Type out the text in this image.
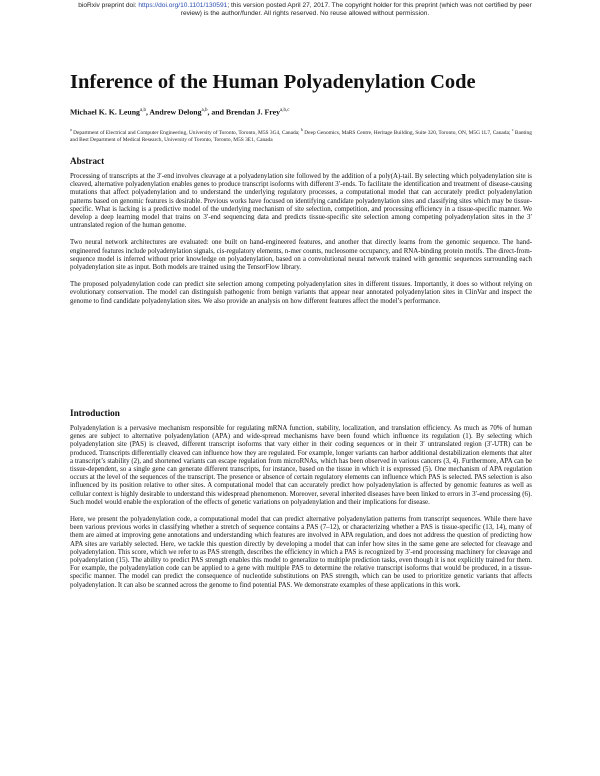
bioRxiv preprint doi: https://doi.org/10.1101/130591; this version posted April 27, 2017. The copyright holder for this preprint (which was not certified by peer review) is the author/funder. All rights reserved. No reuse allowed without permission.
Inference of the Human Polyadenylation Code
Michael K. K. Leung$^{a,b}$, Andrew Delong$^{a,b}$, and Brendan J. Frey$^{a,b,c}$
$^a$ Department of Electrical and Computer Engineering, University of Toronto, Toronto, M5S 3G4, Canada; $^b$ Deep Genomics, MaRS Centre, Heritage Building, Suite 320, Toronto, ON, M5G 1L7, Canada; $^c$ Banting and Best Department of Medical Research, University of Toronto, Toronto, M5S 3E1, Canada
Abstract

Processing of transcripts at the 3′-end involves cleavage at a polyadenylation site followed by the addition of a poly(A)-tail. By selecting which polyadenylation site is cleaved, alternative polyadenylation enables genes to produce transcript isoforms with different 3′-ends. To facilitate the identification and treatment of disease-causing mutations that affect polyadenylation and to understand the underlying regulatory processes, a computational model that can accurately predict polyadenylation patterns based on genomic features is desirable. Previous works have focused on identifying candidate polyadenylation sites and classifying sites which may be tissue-specific. What is lacking is a predictive model of the underlying mechanism of site selection, competition, and processing efficiency in a tissue-specific manner. We develop a deep learning model that trains on 3′-end sequencing data and predicts tissue-specific site selection among competing polyadenylation sites in the 3′ untranslated region of the human genome.

Two neural network architectures are evaluated: one built on hand-engineered features, and another that directly learns from the genomic sequence. The hand-engineered features include polyadenylation signals, cis-regulatory elements, n-mer counts, nucleosome occupancy, and RNA-binding protein motifs. The direct-from-sequence model is inferred without prior knowledge on polyadenylation, based on a convolutional neural network trained with genomic sequences surrounding each polyadenylation site as input. Both models are trained using the TensorFlow library.

The proposed polyadenylation code can predict site selection among competing polyadenylation sites in different tissues. Importantly, it does so without relying on evolutionary conservation. The model can distinguish pathogenic from benign variants that appear near annotated polyadenylation sites in ClinVar and inspect the genome to find candidate polyadenylation sites. We also provide an analysis on how different features affect the model’s performance.

Introduction

Polyadenylation is a pervasive mechanism responsible for regulating mRNA function, stability, localization, and translation efficiency. As much as 70% of human genes are subject to alternative polyadenylation (APA) and wide-spread mechanisms have been found which influence its regulation (1). By selecting which polyadenylation site (PAS) is cleaved, different transcript isoforms that vary either in their coding sequences or in their 3′ untranslated region (3′-UTR) can be produced. Transcripts differentially cleaved can influence how they are regulated. For example, longer variants can harbor additional destabilization elements that alter a transcript’s stability (2), and shortened variants can escape regulation from microRNAs, which has been observed in various cancers (3, 4). Furthermore, APA can be tissue-dependent, so a single gene can generate different transcripts, for instance, based on the tissue in which it is expressed (5). One mechanism of APA regulation occurs at the level of the sequences of the transcript. The presence or absence of certain regulatory elements can influence which PAS is selected. PAS selection is also influenced by its position relative to other sites. A computational model that can accurately predict how polyadenylation is affected by genomic features as well as cellular context is highly desirable to understand this widespread phenomenon. Moreover, several inherited diseases have been linked to errors in 3′-end processing (6). Such model would enable the exploration of the effects of genetic variations on polyadenylation and their implications for disease.

Here, we present the polyadenylation code, a computational model that can predict alternative polyadenylation patterns from transcript sequences. While there have been various previous works in classifying whether a stretch of sequence contains a PAS (7–12), or characterizing whether a PAS is tissue-specific (13, 14), many of them are aimed at improving gene annotations and understanding which features are involved in APA regulation, and does not address the question of predicting how APA sites are variably selected. Here, we tackle this question directly by developing a model that can infer how sites in the same gene are selected for cleavage and polyadenylation. This score, which we refer to as PAS strength, describes the efficiency in which a PAS is recognized by 3′-end processing machinery for cleavage and polyadenylation (15). The ability to predict PAS strength enables this model to generalize to multiple prediction tasks, even though it is not explicitly trained for them. For example, the polyadenylation code can be applied to a gene with multiple PAS to determine the relative transcript isoforms that would be produced, in a tissue-specific manner. The model can predict the consequence of nucleotide substitutions on PAS strength, which can be used to prioritize genetic variants that affects polyadenylation. It can also be scanned across the genome to find potential PAS. We demonstrate examples of these applications in this work.
